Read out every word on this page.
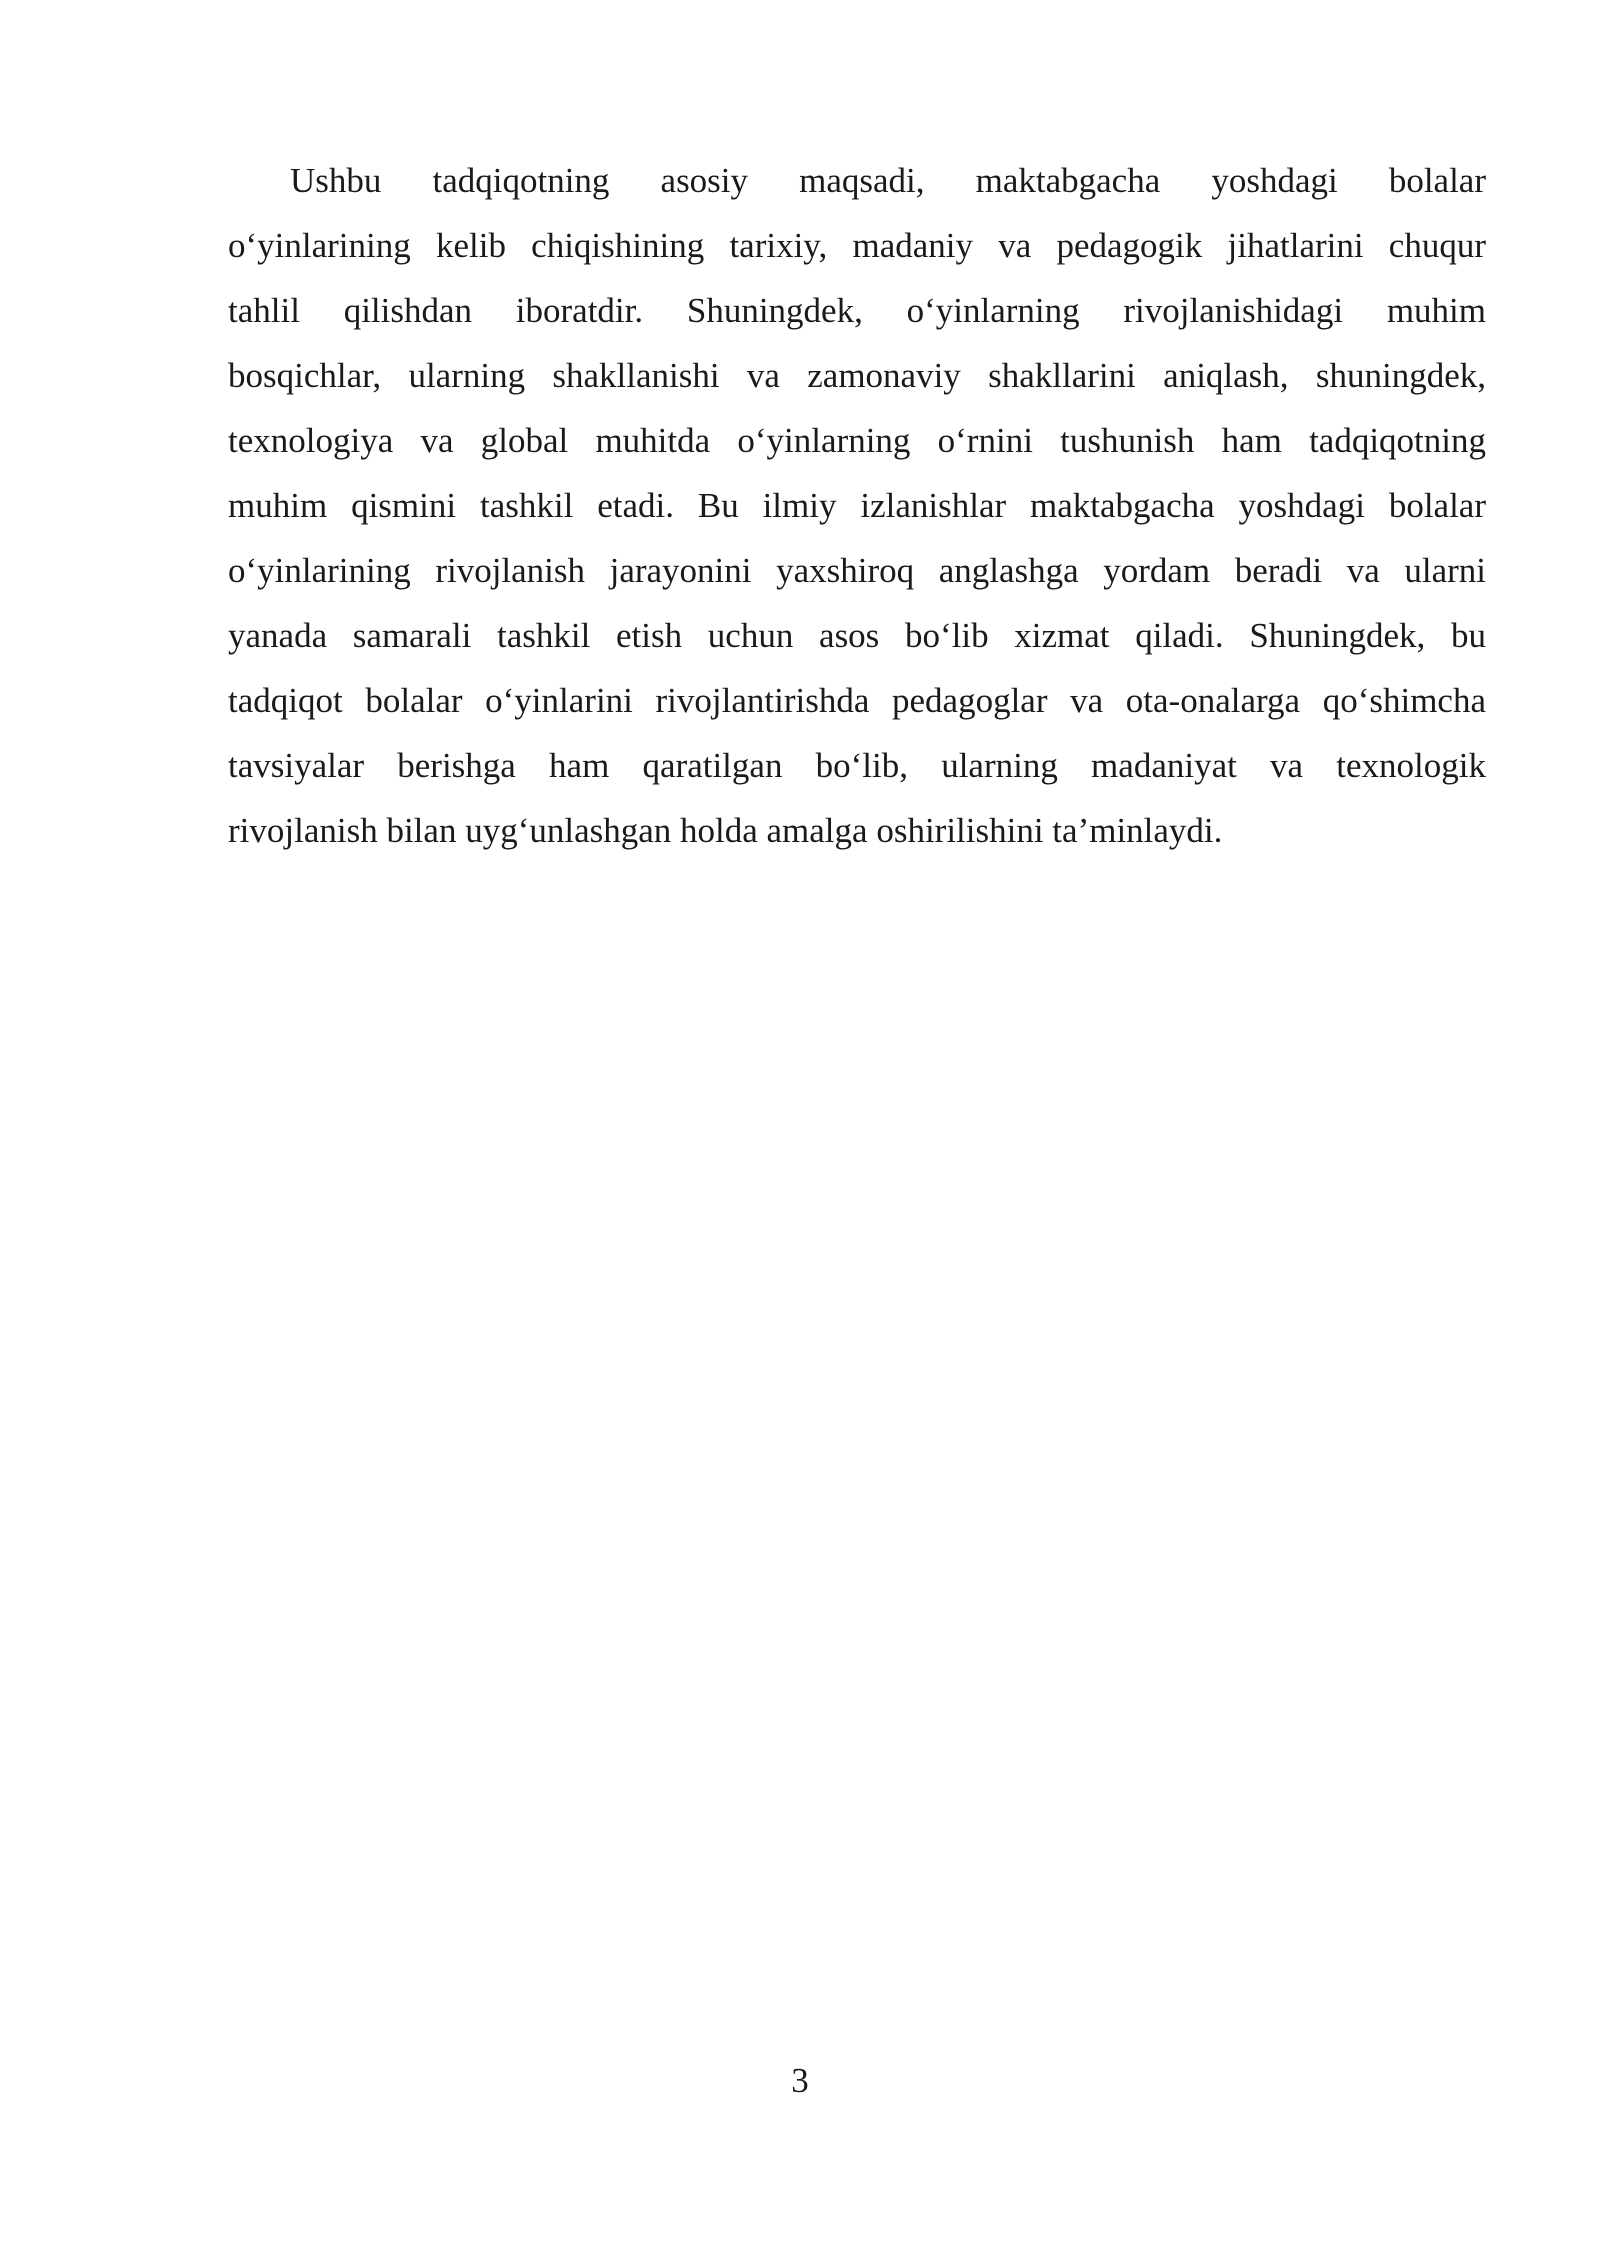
Ushbu tadqiqotning asosiy maqsadi, maktabgacha yoshdagi bolalar
o‘yinlarining kelib chiqishining tarixiy, madaniy va pedagogik jihatlarini chuqur
tahlil qilishdan iboratdir. Shuningdek, o‘yinlarning rivojlanishidagi muhim
bosqichlar, ularning shakllanishi va zamonaviy shakllarini aniqlash, shuningdek,
texnologiya va global muhitda o‘yinlarning o‘rnini tushunish ham tadqiqotning
muhim qismini tashkil etadi. Bu ilmiy izlanishlar maktabgacha yoshdagi bolalar
o‘yinlarining rivojlanish jarayonini yaxshiroq anglashga yordam beradi va ularni
yanada samarali tashkil etish uchun asos bo‘lib xizmat qiladi. Shuningdek, bu
tadqiqot bolalar o‘yinlarini rivojlantirishda pedagoglar va ota-onalarga qo‘shimcha
tavsiyalar berishga ham qaratilgan bo‘lib, ularning madaniyat va texnologik
rivojlanish bilan uyg‘unlashgan holda amalga oshirilishini ta’minlaydi.
3
